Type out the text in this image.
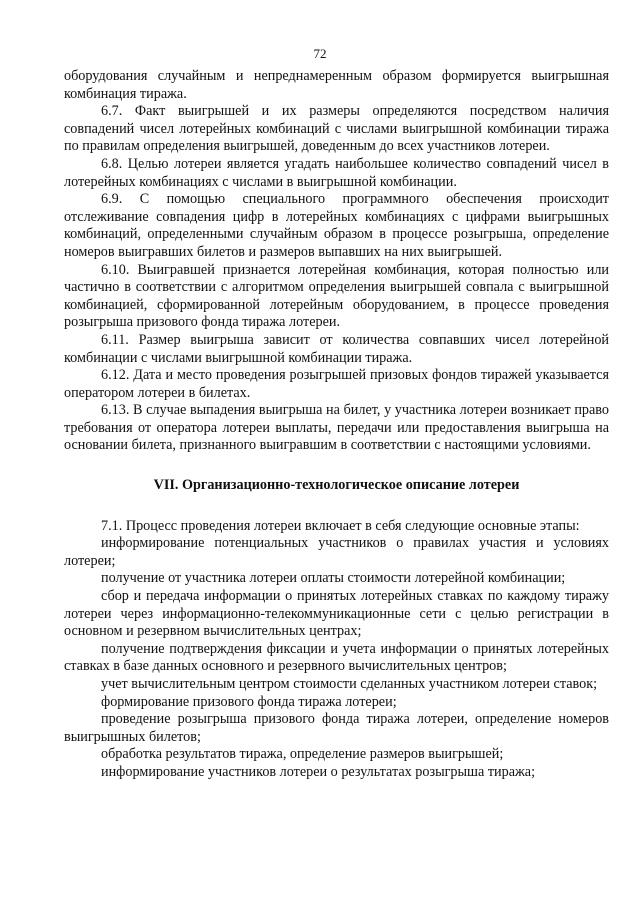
72

оборудования случайным и непреднамеренным образом формируется выигрышная комбинация тиража.

6.7. Факт выигрышей и их размеры определяются посредством наличия совпадений чисел лотерейных комбинаций с числами выигрышной комбинации тиража по правилам определения выигрышей, доведенным до всех участников лотереи.

6.8. Целью лотереи является угадать наибольшее количество совпадений чисел в лотерейных комбинациях с числами в выигрышной комбинации.

6.9. С помощью специального программного обеспечения происходит отслеживание совпадения цифр в лотерейных комбинациях с цифрами выигрышных комбинаций, определенными случайным образом в процессе розыгрыша, определение номеров выигравших билетов и размеров выпавших на них выигрышей.

6.10. Выигравшей признается лотерейная комбинация, которая полностью или частично в соответствии с алгоритмом определения выигрышей совпала с выигрышной комбинацией, сформированной лотерейным оборудованием, в процессе проведения розыгрыша призового фонда тиража лотереи.

6.11. Размер выигрыша зависит от количества совпавших чисел лотерейной комбинации с числами выигрышной комбинации тиража.

6.12. Дата и место проведения розыгрышей призовых фондов тиражей указывается оператором лотереи в билетах.

6.13. В случае выпадения выигрыша на билет, у участника лотереи возникает право требования от оператора лотереи выплаты, передачи или предоставления выигрыша на основании билета, признанного выигравшим в соответствии с настоящими условиями.

VII. Организационно-технологическое описание лотереи

7.1. Процесс проведения лотереи включает в себя следующие основные этапы:

информирование потенциальных участников о правилах участия и условиях лотереи;

получение от участника лотереи оплаты стоимости лотерейной комбинации;

сбор и передача информации о принятых лотерейных ставках по каждому тиражу лотереи через информационно-телекоммуникационные сети с целью регистрации в основном и резервном вычислительных центрах;

получение подтверждения фиксации и учета информации о принятых лотерейных ставках в базе данных основного и резервного вычислительных центров;

учет вычислительным центром стоимости сделанных участником лотереи ставок;

формирование призового фонда тиража лотереи;

проведение розыгрыша призового фонда тиража лотереи, определение номеров выигрышных билетов;

обработка результатов тиража, определение размеров выигрышей;

информирование участников лотереи о результатах розыгрыша тиража;
